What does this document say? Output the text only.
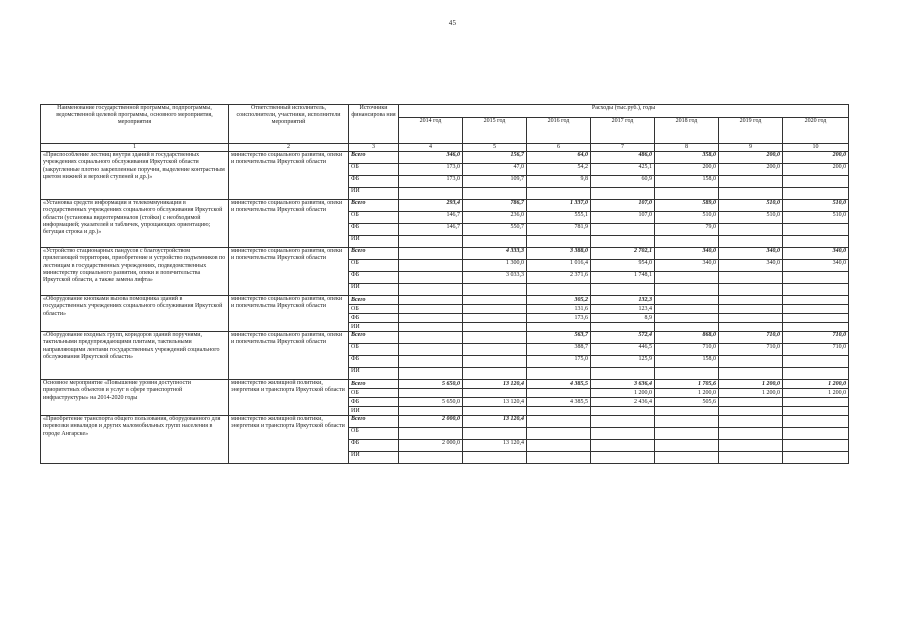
45
Наименование государственной программы, подпрограммы, ведомственной целевой программы, основного мероприятия, мероприятия	Ответственный исполнитель, соисполнители, участники, исполнители мероприятий	Источники финансирова ния	Расходы (тыс.руб.), годы						
			2014 год	2015 год	2016 год	2017 год	2018 год	2019 год	2020 год
1	2	3	4	5	6	7	8	9	10
«Приспособление лестниц внутри зданий в государственных учреждениях социального обслуживания Иркутской области (закругленные плотно закрепленные поручни, выделение контрастным цветом нижней и верхней ступеней и др.)»	министерство социального развития, опеки и попечительства Иркутской области	Всего	346,0	156,7	64,0	486,0	358,0	200,0	200,0
		ОБ	173,0	47,0	54,2	425,1	200,0	200,0	200,0
		ФБ	173,0	109,7	9,8	60,9	158,0		
		ИИ							
«Установка средств информации и телекоммуникации в государственных учреждениях социального обслуживания Иркутской области (установка видеотерминалов (стойки) с необходимой информацией; указателей и табличек, упрощающих ориентацию; бегущая строка и др.)»	министерство социального развития, опеки и попечительства Иркутской области	Всего	293,4	786,7	1 337,0	107,0	589,0	510,0	510,0
		ОБ	146,7	236,0	555,1	107,0	510,0	510,0	510,0
		ФБ	146,7	550,7	781,9		79,0		
		ИИ							
«Устройство стационарных пандусов с благоустройством прилегающей территории, приобретение и устройство подъемников по лестницам в государственных учреждениях, подведомственных министерству социального развития, опеки и попечительства Иркутской области, а также замена лифта»	министерство социального развития, опеки и попечительства Иркутской области	Всего		4 333,3	3 388,0	2 702,1	340,0	340,0	340,0
		ОБ		1 300,0	1 016,4	954,0	340,0	340,0	340,0
		ФБ		3 033,3	2 371,6	1 748,1			
		ИИ							
«Оборудование кнопками вызова помощника зданий в государственных учреждениях социального обслуживания Иркутской области»	министерство социального развития, опеки и попечительства Иркутской области	Всего			305,2	132,3			
		ОБ			131,6	123,4			
		ФБ			173,6	8,9			
		ИИ							
«Оборудование входных групп, коридоров зданий поручнями, тактильными предупреждающими плитами, тактильными направляющими лентами государственных учреждений социального обслуживания Иркутской области»	министерство социального развития, опеки и попечительства Иркутской области	Всего			563,7	572,4	868,0	710,0	710,0
		ОБ			388,7	446,5	710,0	710,0	710,0
		ФБ			175,0	125,9	158,0		
		ИИ							
Основное мероприятие «Повышение уровня доступности приоритетных объектов и услуг в сфере транспортной инфраструктуры» на 2014-2020 годы	министерство жилищной политики, энергетики и транспорта Иркутской области	Всего	5 650,0	13 120,4	4 385,5	3 636,4	1 705,6	1 200,0	1 200,0
		ОБ				1 200,0	1 200,0	1 200,0	1 200,0
		ФБ	5 650,0	13 120,4	4 385,5	2 436,4	505,6		
		ИИ							
«Приобретение транспорта общего пользования, оборудованного для перевозки инвалидов и других маломобильных групп населения в городе Ангарске»	министерство жилищной политики, энергетики и транспорта Иркутской области	Всего	2 000,0	13 120,4					
		ОБ							
		ФБ	2 000,0	13 120,4					
		ИИ							
